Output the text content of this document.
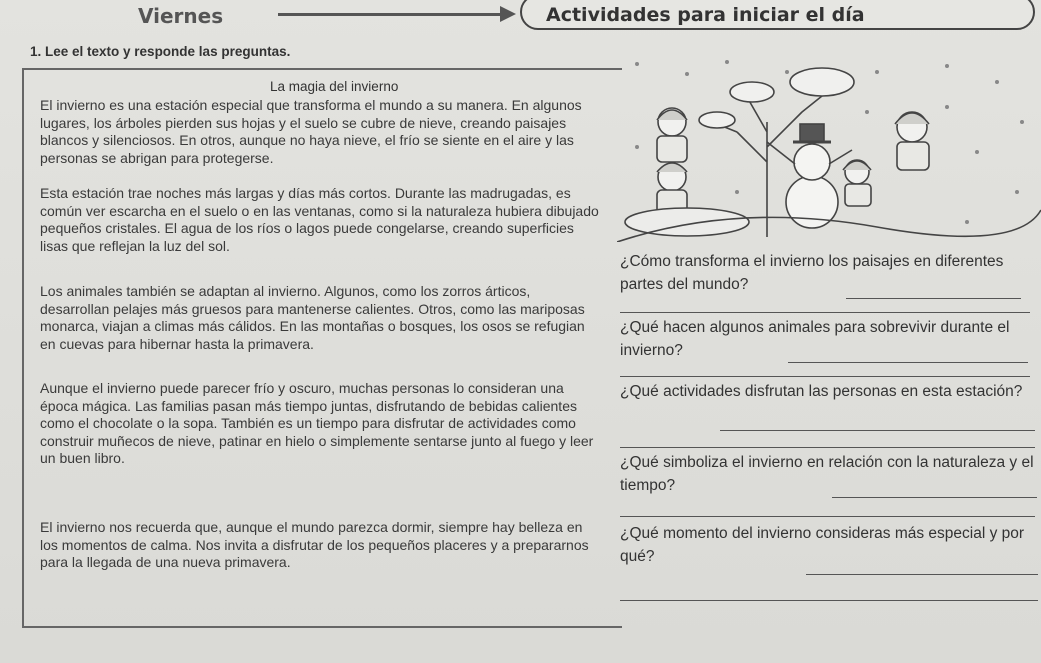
Viernes	Actividades para iniciar el día
1. Lee el texto y responde las preguntas.
La magia del invierno
El invierno es una estación especial que transforma el mundo a su manera. En algunos lugares, los árboles pierden sus hojas y el suelo se cubre de nieve, creando paisajes blancos y silenciosos. En otros, aunque no haya nieve, el frío se siente en el aire y las personas se abrigan para protegerse.
Esta estación trae noches más largas y días más cortos. Durante las madrugadas, es común ver escarcha en el suelo o en las ventanas, como si la naturaleza hubiera dibujado pequeños cristales. El agua de los ríos o lagos puede congelarse, creando superficies lisas que reflejan la luz del sol.
Los animales también se adaptan al invierno. Algunos, como los zorros árticos, desarrollan pelajes más gruesos para mantenerse calientes. Otros, como las mariposas monarca, viajan a climas más cálidos. En las montañas o bosques, los osos se refugian en cuevas para hibernar hasta la primavera.
Aunque el invierno puede parecer frío y oscuro, muchas personas lo consideran una época mágica. Las familias pasan más tiempo juntas, disfrutando de bebidas calientes como el chocolate o la sopa. También es un tiempo para disfrutar de actividades como construir muñecos de nieve, patinar en hielo o simplemente sentarse junto al fuego y leer un buen libro.
El invierno nos recuerda que, aunque el mundo parezca dormir, siempre hay belleza en los momentos de calma. Nos invita a disfrutar de los pequeños placeres y a prepararnos para la llegada de una nueva primavera.
¿Cómo transforma el invierno los paisajes en diferentes partes del mundo?
¿Qué hacen algunos animales para sobrevivir durante el invierno?
¿Qué actividades disfrutan las personas en esta estación?
¿Qué simboliza el invierno en relación con la naturaleza y el tiempo?
¿Qué momento del invierno consideras más especial y por qué?
